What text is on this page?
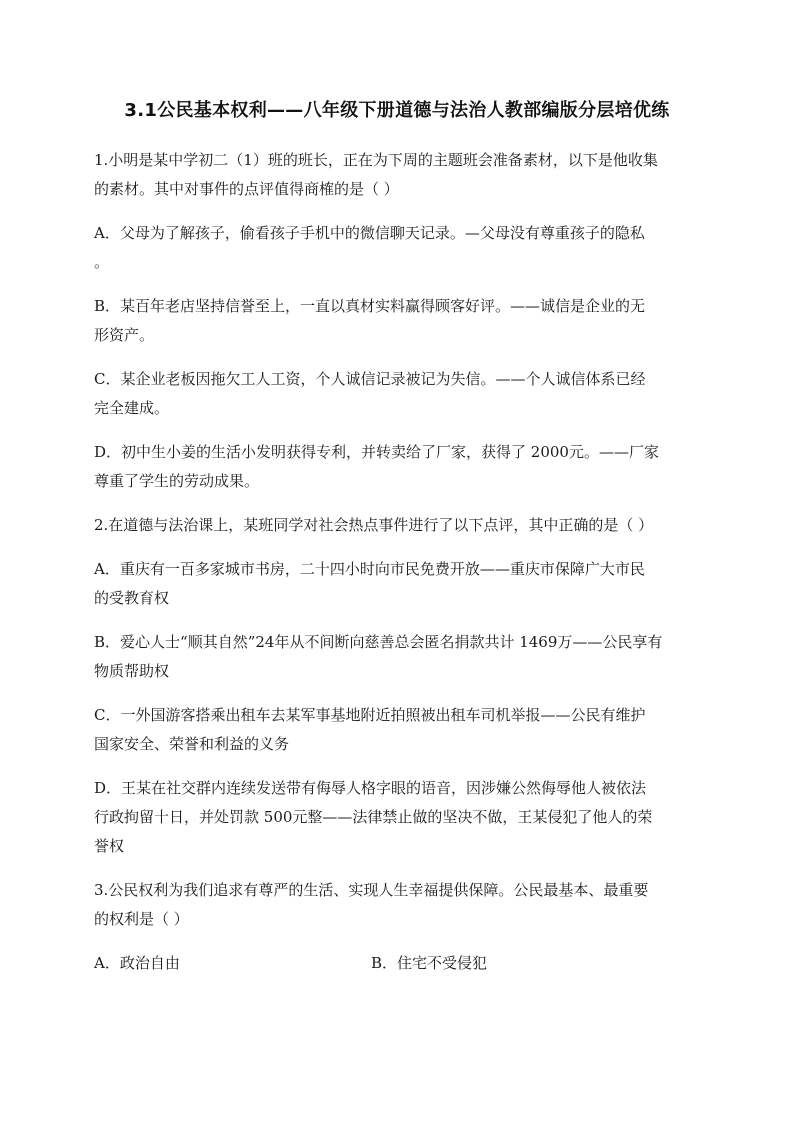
3.1公民基本权利——八年级下册道德与法治人教部编版分层培优练
1.小明是某中学初二（1）班的班长，正在为下周的主题班会准备素材，以下是他收集
的素材。其中对事件的点评值得商榷的是（ ）
A．父母为了解孩子，偷看孩子手机中的微信聊天记录。—父母没有尊重孩子的隐私
。
B．某百年老店坚持信誉至上，一直以真材实料赢得顾客好评。——诚信是企业的无
形资产。
C．某企业老板因拖欠工人工资，个人诚信记录被记为失信。——个人诚信体系已经
完全建成。
D．初中生小姜的生活小发明获得专利，并转卖给了厂家，获得了 2000元。——厂家
尊重了学生的劳动成果。
2.在道德与法治课上，某班同学对社会热点事件进行了以下点评，其中正确的是（ ）
A．重庆有一百多家城市书房，二十四小时向市民免费开放——重庆市保障广大市民
的受教育权
B．爱心人士“顺其自然”24年从不间断向慈善总会匿名捐款共计 1469万——公民享有
物质帮助权
C．一外国游客搭乘出租车去某军事基地附近拍照被出租车司机举报——公民有维护
国家安全、荣誉和利益的义务
D．王某在社交群内连续发送带有侮辱人格字眼的语音，因涉嫌公然侮辱他人被依法
行政拘留十日，并处罚款 500元整——法律禁止做的坚决不做，王某侵犯了他人的荣
誉权
3.公民权利为我们追求有尊严的生活、实现人生幸福提供保障。公民最基本、最重要
的权利是（ ）
A．政治自由	B．住宅不受侵犯
